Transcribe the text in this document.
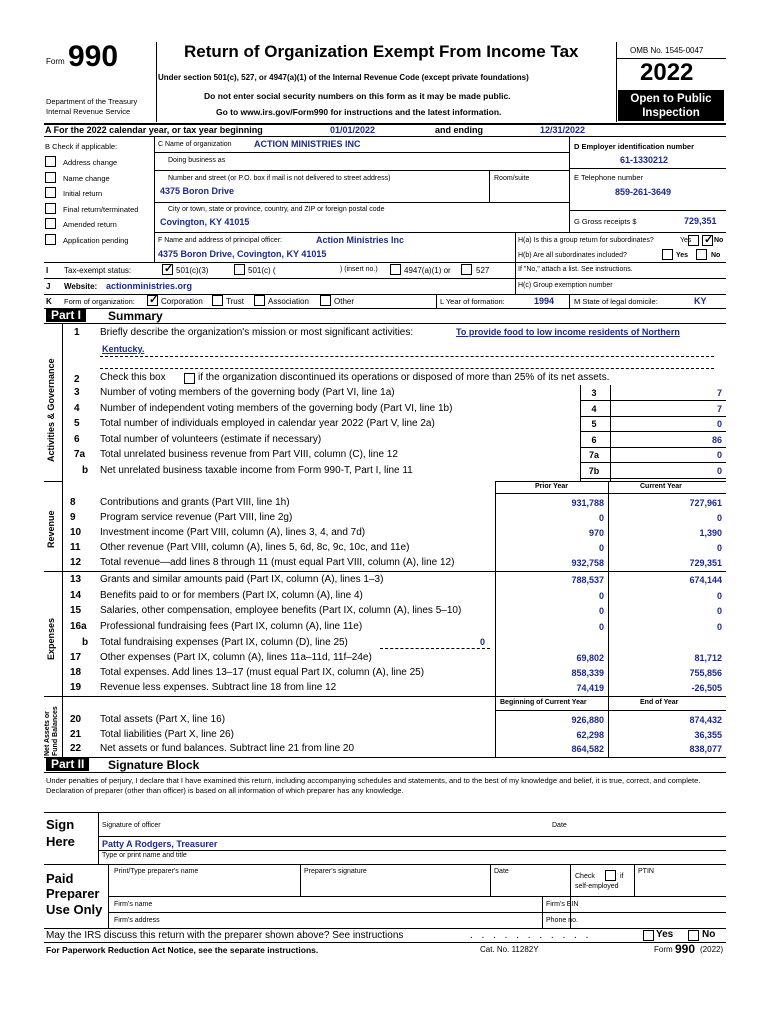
Form 990
Department of the Treasury
Internal Revenue Service
Return of Organization Exempt From Income Tax
Under section 501(c), 527, or 4947(a)(1) of the Internal Revenue Code (except private foundations)
Do not enter social security numbers on this form as it may be made public.
Go to www.irs.gov/Form990 for instructions and the latest information.
OMB No. 1545-0047
2022
Open to Public
Inspection
A For the 2022 calendar year, or tax year beginning	01/01/2022	and ending	12/31/2022
B Check if applicable:	C Name of organization ACTION MINISTRIES INC
Doing business as
Number and street (or P.O. box if mail is not delivered to street address)	Room/suite
4375 Boron Drive
City or town, state or province, country, and ZIP or foreign postal code
Covington, KY 41015
D Employer identification number
61-1330212
E Telephone number
859-261-3649
G Gross receipts $	729,351
F Name and address of principal officer:	Action Ministries Inc
4375 Boron Drive, Covington, KY 41015
H(a) Is this a group return for subordinates?	Yes ✓	No
H(b) Are all subordinates included?	Yes	No
I Tax-exempt status: ✓	501(c)(3)	501(c) (	) (insert no.)	4947(a)(1) or	527	If "No," attach a list. See instructions.
J Website: actionministries.org	H(c) Group exemption number
K Form of organization: ✓	Corporation	Trust	Association	Other	L Year of formation:	1994	M State of legal domicile:	KY
Part I	Summary
Activities & Governance
Revenue
Expenses
Net Assets or Fund Balances
1 Briefly describe the organization's mission or most significant activities:	To provide food to low income residents of Northern
Kentucky.
2 Check this box	if the organization discontinued its operations or disposed of more than 25% of its net assets.
Prior Year	Current Year
b Total fundraising expenses (Part IX, column (D), line 25)	0
Beginning of Current Year	End of Year
Part II	Signature Block
Under penalties of perjury, I declare that I have examined this return, including accompanying schedules and statements, and to the best of my knowledge and belief, it is true, correct, and complete. Declaration of preparer (other than officer) is based on all information of which preparer has any knowledge.
Sign
Here
Signature of officer	Date
Patty A Rodgers, Treasurer
Type or print name and title
Paid
Preparer
Use Only
Print/Type preparer's name	Preparer's signature	Date
Check	if
self-employed
PTIN
Firm's name	Firm's EIN
Firm's address	Phone no.
May the IRS discuss this return with the preparer shown above? See instructions	. . . . . . . . . . .	Yes	No
For Paperwork Reduction Act Notice, see the separate instructions.	Cat. No. 11282Y	Form 990 (2022)
Address change
Name change
Initial return
Final return/terminated
Amended return
Application pending
3 Number of voting members of the governing body (Part VI, line 1a)	3	7
4 Number of independent voting members of the governing body (Part VI, line 1b)	4	7
5 Total number of individuals employed in calendar year 2022 (Part V, line 2a)	5	0
6 Total number of volunteers (estimate if necessary)	6	86
7a Total unrelated business revenue from Part VIII, column (C), line 12	7a	0
b Net unrelated business taxable income from Form 990-T, Part I, line 11	7b	0
8 Contributions and grants (Part VIII, line 1h)	931,788	727,961
9 Program service revenue (Part VIII, line 2g)	0	0
10 Investment income (Part VIII, column (A), lines 3, 4, and 7d)	970	1,390
11 Other revenue (Part VIII, column (A), lines 5, 6d, 8c, 9c, 10c, and 11e)	0	0
12 Total revenue—add lines 8 through 11 (must equal Part VIII, column (A), line 12)	932,758	729,351
13 Grants and similar amounts paid (Part IX, column (A), lines 1–3)	788,537	674,144
14 Benefits paid to or for members (Part IX, column (A), line 4)	0	0
15 Salaries, other compensation, employee benefits (Part IX, column (A), lines 5–10)	0	0
16a Professional fundraising fees (Part IX, column (A), line 11e)	0	0
17 Other expenses (Part IX, column (A), lines 11a–11d, 11f–24e)	69,802	81,712
18 Total expenses. Add lines 13–17 (must equal Part IX, column (A), line 25)	858,339	755,856
19 Revenue less expenses. Subtract line 18 from line 12	74,419	-26,505
20 Total assets (Part X, line 16)	926,880	874,432
21 Total liabilities (Part X, line 26)	62,298	36,355
22 Net assets or fund balances. Subtract line 21 from line 20	864,582	838,077
